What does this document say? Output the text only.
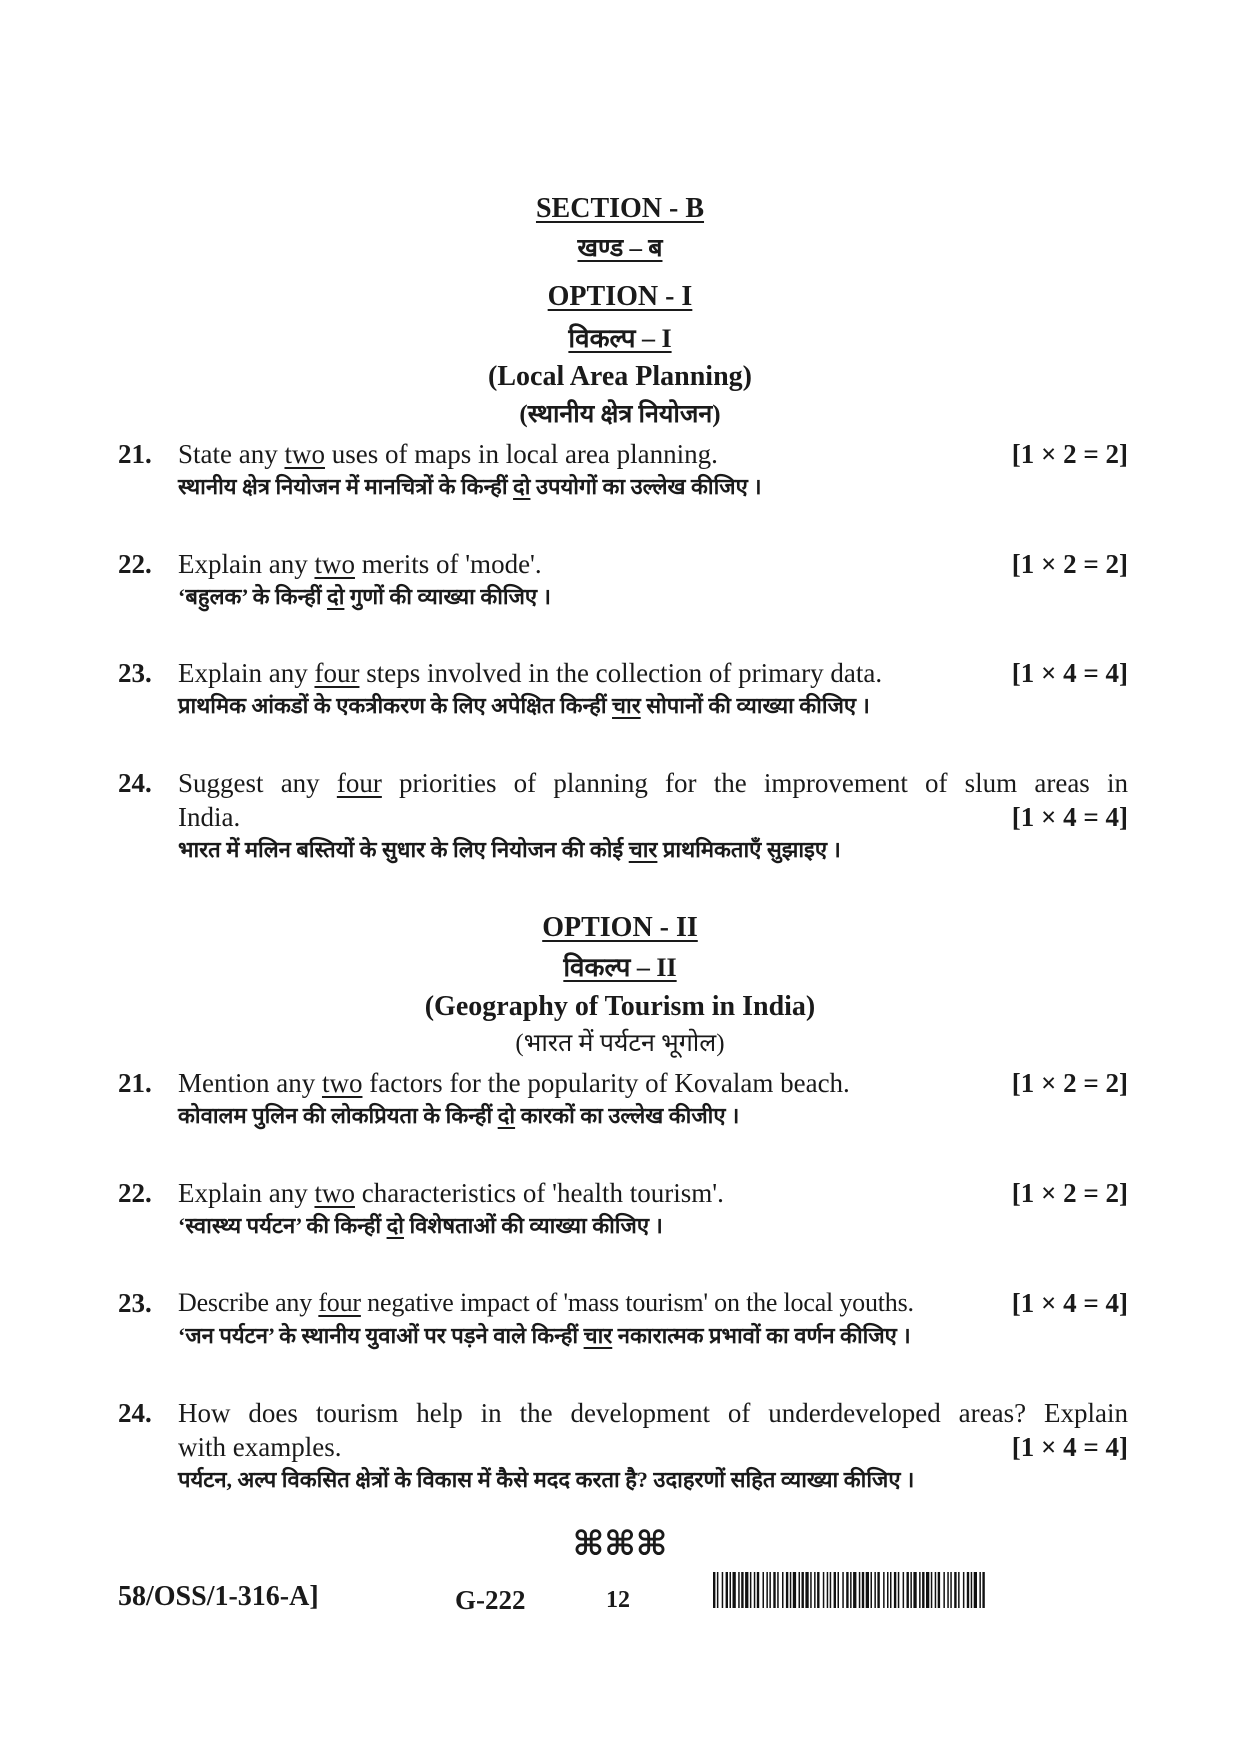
SECTION - B
खण्ड – ब
OPTION - I
विकल्प – I
(Local Area Planning)
(स्थानीय क्षेत्र नियोजन)
21. State any two uses of maps in local area planning.	[1 × 2 = 2]
स्थानीय क्षेत्र नियोजन में मानचित्रों के किन्हीं दो उपयोगों का उल्लेख कीजिए ।
22. Explain any two merits of 'mode'.	[1 × 2 = 2]
‘बहुलक’ के किन्हीं दो गुणों की व्याख्या कीजिए ।
23. Explain any four steps involved in the collection of primary data.	[1 × 4 = 4]
प्राथमिक आंकडों के एकत्रीकरण के लिए अपेक्षित किन्हीं चार सोपानों की व्याख्या कीजिए ।
24. Suggest any four priorities of planning for the improvement of slum areas in
India.	[1 × 4 = 4]
भारत में मलिन बस्तियों के सुधार के लिए नियोजन की कोई चार प्राथमिकताएँ सुझाइए ।
OPTION - II
विकल्प – II
(Geography of Tourism in India)
(भारत में पर्यटन भूगोल)
21. Mention any two factors for the popularity of Kovalam beach.	[1 × 2 = 2]
कोवालम पुलिन की लोकप्रियता के किन्हीं दो कारकों का उल्लेख कीजीए ।
22. Explain any two characteristics of 'health tourism'.	[1 × 2 = 2]
‘स्वास्थ्य पर्यटन’ की किन्हीं दो विशेषताओं की व्याख्या कीजिए ।
23. Describe any four negative impact of 'mass tourism' on the local youths.	[1 × 4 = 4]
‘जन पर्यटन’ के स्थानीय युवाओं पर पड़ने वाले किन्हीं चार नकारात्मक प्रभावों का वर्णन कीजिए ।
24. How does tourism help in the development of underdeveloped areas? Explain
with examples.	[1 × 4 = 4]
पर्यटन, अल्प विकसित क्षेत्रों के विकास में कैसे मदद करता है? उदाहरणों सहित व्याख्या कीजिए ।
⌘⌘⌘
58/OSS/1-316-A]	G-222	12
